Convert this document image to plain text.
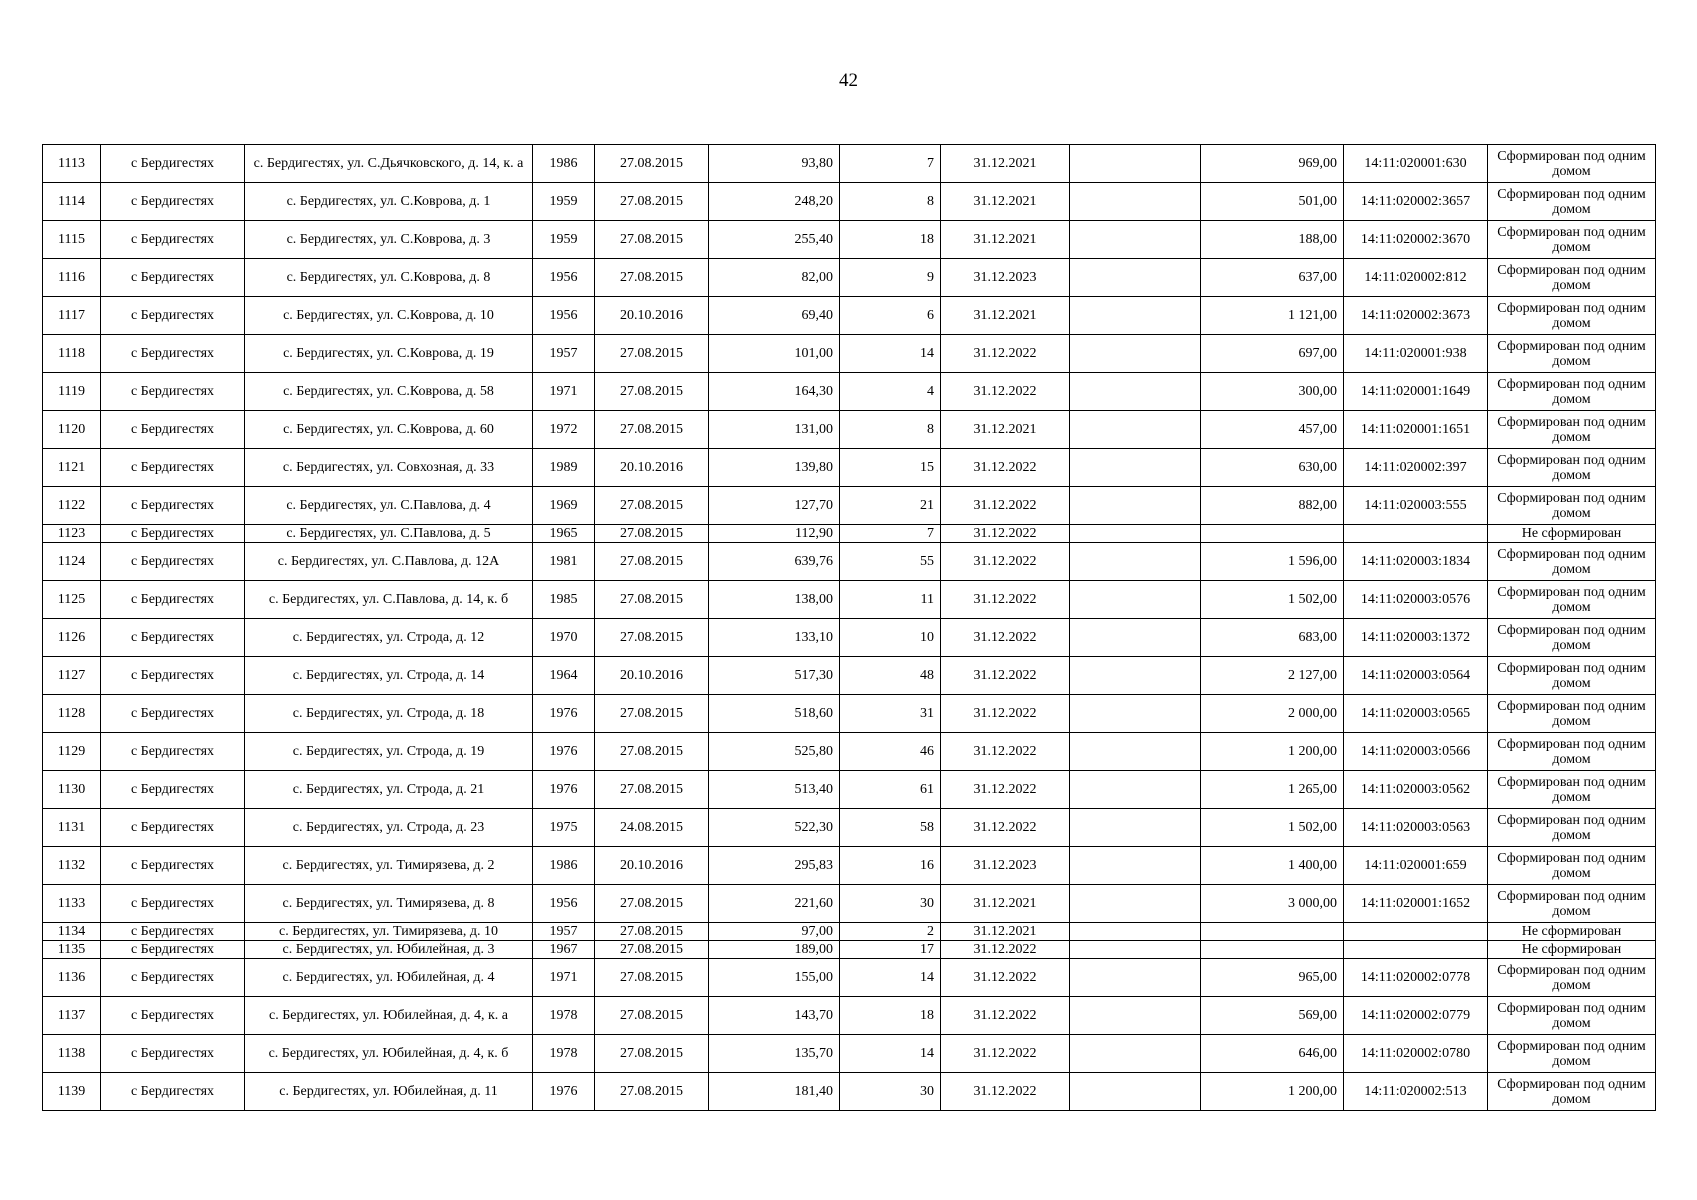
42
1113	с Бердигестях	с. Бердигестях, ул. С.Дьячковского, д. 14, к. а	1986	27.08.2015	93,80	7	31.12.2021		969,00	14:11:020001:630	Сформирован под одним домом
1114	с Бердигестях	с. Бердигестях, ул. С.Коврова, д. 1	1959	27.08.2015	248,20	8	31.12.2021		501,00	14:11:020002:3657	Сформирован под одним домом
1115	с Бердигестях	с. Бердигестях, ул. С.Коврова, д. 3	1959	27.08.2015	255,40	18	31.12.2021		188,00	14:11:020002:3670	Сформирован под одним домом
1116	с Бердигестях	с. Бердигестях, ул. С.Коврова, д. 8	1956	27.08.2015	82,00	9	31.12.2023		637,00	14:11:020002:812	Сформирован под одним домом
1117	с Бердигестях	с. Бердигестях, ул. С.Коврова, д. 10	1956	20.10.2016	69,40	6	31.12.2021		1 121,00	14:11:020002:3673	Сформирован под одним домом
1118	с Бердигестях	с. Бердигестях, ул. С.Коврова, д. 19	1957	27.08.2015	101,00	14	31.12.2022		697,00	14:11:020001:938	Сформирован под одним домом
1119	с Бердигестях	с. Бердигестях, ул. С.Коврова, д. 58	1971	27.08.2015	164,30	4	31.12.2022		300,00	14:11:020001:1649	Сформирован под одним домом
1120	с Бердигестях	с. Бердигестях, ул. С.Коврова, д. 60	1972	27.08.2015	131,00	8	31.12.2021		457,00	14:11:020001:1651	Сформирован под одним домом
1121	с Бердигестях	с. Бердигестях, ул. Совхозная, д. 33	1989	20.10.2016	139,80	15	31.12.2022		630,00	14:11:020002:397	Сформирован под одним домом
1122	с Бердигестях	с. Бердигестях, ул. С.Павлова, д. 4	1969	27.08.2015	127,70	21	31.12.2022		882,00	14:11:020003:555	Сформирован под одним домом
1123	с Бердигестях	с. Бердигестях, ул. С.Павлова, д. 5	1965	27.08.2015	112,90	7	31.12.2022				Не сформирован
1124	с Бердигестях	с. Бердигестях, ул. С.Павлова, д. 12А	1981	27.08.2015	639,76	55	31.12.2022		1 596,00	14:11:020003:1834	Сформирован под одним домом
1125	с Бердигестях	с. Бердигестях, ул. С.Павлова, д. 14, к. б	1985	27.08.2015	138,00	11	31.12.2022		1 502,00	14:11:020003:0576	Сформирован под одним домом
1126	с Бердигестях	с. Бердигестях, ул. Строда, д. 12	1970	27.08.2015	133,10	10	31.12.2022		683,00	14:11:020003:1372	Сформирован под одним домом
1127	с Бердигестях	с. Бердигестях, ул. Строда, д. 14	1964	20.10.2016	517,30	48	31.12.2022		2 127,00	14:11:020003:0564	Сформирован под одним домом
1128	с Бердигестях	с. Бердигестях, ул. Строда, д. 18	1976	27.08.2015	518,60	31	31.12.2022		2 000,00	14:11:020003:0565	Сформирован под одним домом
1129	с Бердигестях	с. Бердигестях, ул. Строда, д. 19	1976	27.08.2015	525,80	46	31.12.2022		1 200,00	14:11:020003:0566	Сформирован под одним домом
1130	с Бердигестях	с. Бердигестях, ул. Строда, д. 21	1976	27.08.2015	513,40	61	31.12.2022		1 265,00	14:11:020003:0562	Сформирован под одним домом
1131	с Бердигестях	с. Бердигестях, ул. Строда, д. 23	1975	24.08.2015	522,30	58	31.12.2022		1 502,00	14:11:020003:0563	Сформирован под одним домом
1132	с Бердигестях	с. Бердигестях, ул. Тимирязева, д. 2	1986	20.10.2016	295,83	16	31.12.2023		1 400,00	14:11:020001:659	Сформирован под одним домом
1133	с Бердигестях	с. Бердигестях, ул. Тимирязева, д. 8	1956	27.08.2015	221,60	30	31.12.2021		3 000,00	14:11:020001:1652	Сформирован под одним домом
1134	с Бердигестях	с. Бердигестях, ул. Тимирязева, д. 10	1957	27.08.2015	97,00	2	31.12.2021				Не сформирован
1135	с Бердигестях	с. Бердигестях, ул. Юбилейная, д. 3	1967	27.08.2015	189,00	17	31.12.2022				Не сформирован
1136	с Бердигестях	с. Бердигестях, ул. Юбилейная, д. 4	1971	27.08.2015	155,00	14	31.12.2022		965,00	14:11:020002:0778	Сформирован под одним домом
1137	с Бердигестях	с. Бердигестях, ул. Юбилейная, д. 4, к. а	1978	27.08.2015	143,70	18	31.12.2022		569,00	14:11:020002:0779	Сформирован под одним домом
1138	с Бердигестях	с. Бердигестях, ул. Юбилейная, д. 4, к. б	1978	27.08.2015	135,70	14	31.12.2022		646,00	14:11:020002:0780	Сформирован под одним домом
1139	с Бердигестях	с. Бердигестях, ул. Юбилейная, д. 11	1976	27.08.2015	181,40	30	31.12.2022		1 200,00	14:11:020002:513	Сформирован под одним домом
